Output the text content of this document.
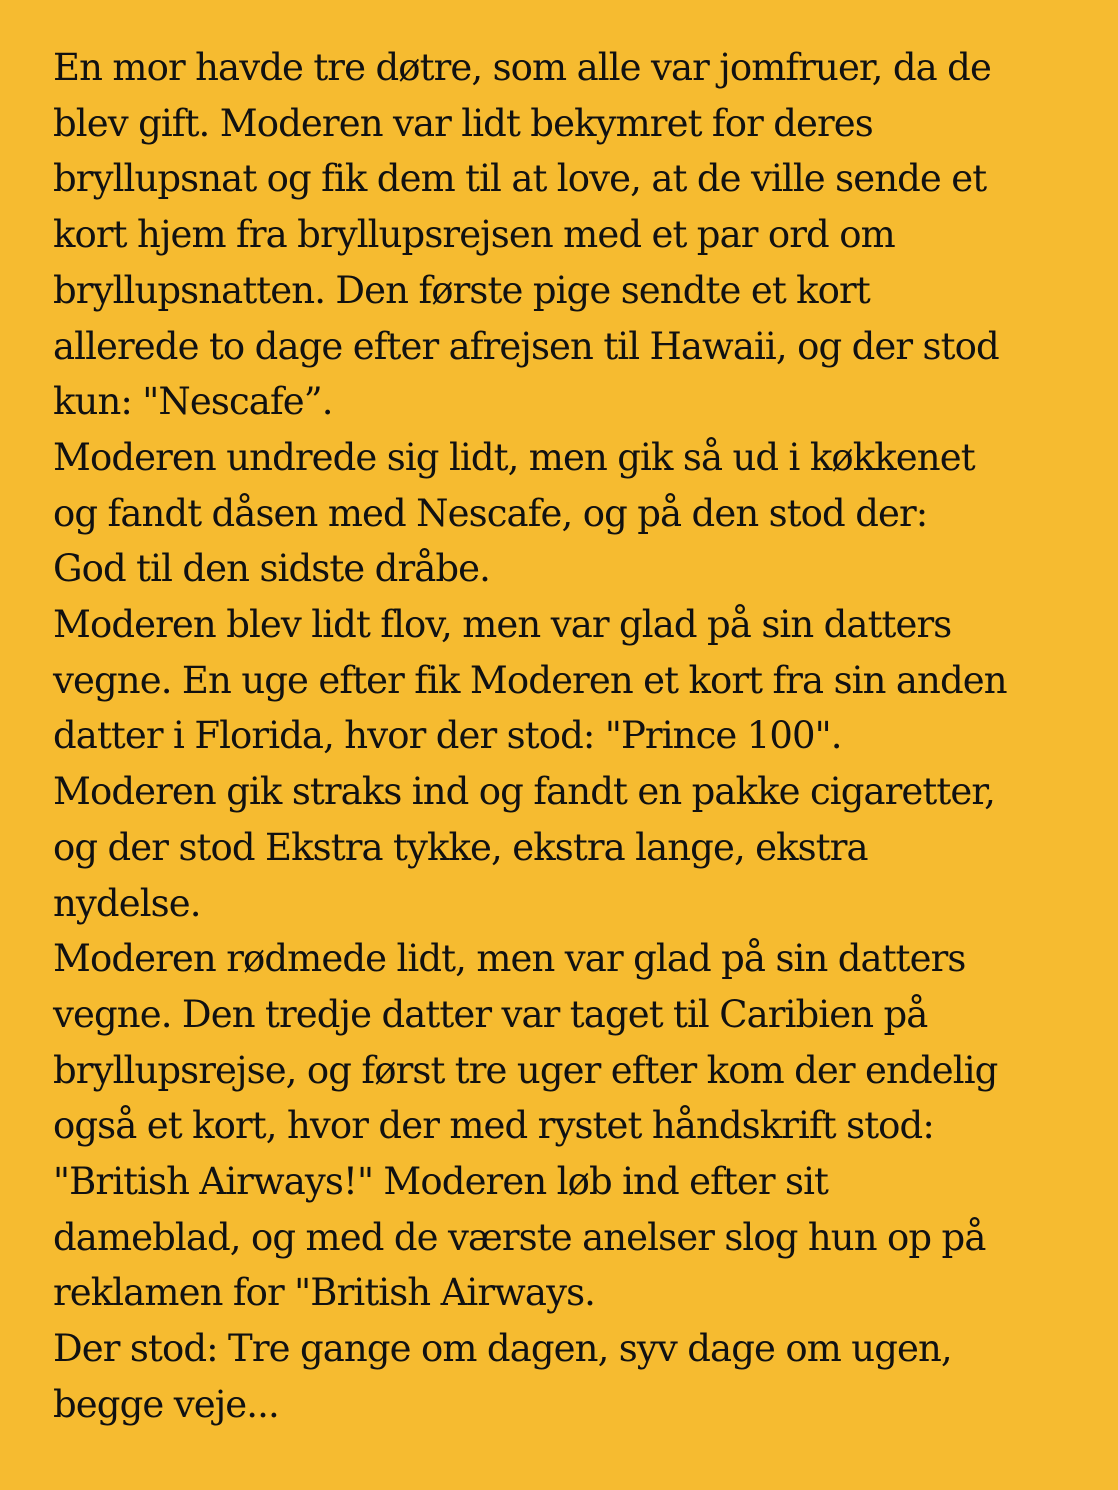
En mor havde tre døtre, som alle var jomfruer, da de
blev gift. Moderen var lidt bekymret for deres
bryllupsnat og fik dem til at love, at de ville sende et
kort hjem fra bryllupsrejsen med et par ord om
bryllupsnatten. Den første pige sendte et kort
allerede to dage efter afrejsen til Hawaii, og der stod
kun: "Nescafe”.
Moderen undrede sig lidt, men gik så ud i køkkenet
og fandt dåsen med Nescafe, og på den stod der:
God til den sidste dråbe.
Moderen blev lidt flov, men var glad på sin datters
vegne. En uge efter fik Moderen et kort fra sin anden
datter i Florida, hvor der stod: "Prince 100".
Moderen gik straks ind og fandt en pakke cigaretter,
og der stod Ekstra tykke, ekstra lange, ekstra
nydelse.
Moderen rødmede lidt, men var glad på sin datters
vegne. Den tredje datter var taget til Caribien på
bryllupsrejse, og først tre uger efter kom der endelig
også et kort, hvor der med rystet håndskrift stod:
"British Airways!" Moderen løb ind efter sit
dameblad, og med de værste anelser slog hun op på
reklamen for "British Airways.
Der stod: Tre gange om dagen, syv dage om ugen,
begge veje...
